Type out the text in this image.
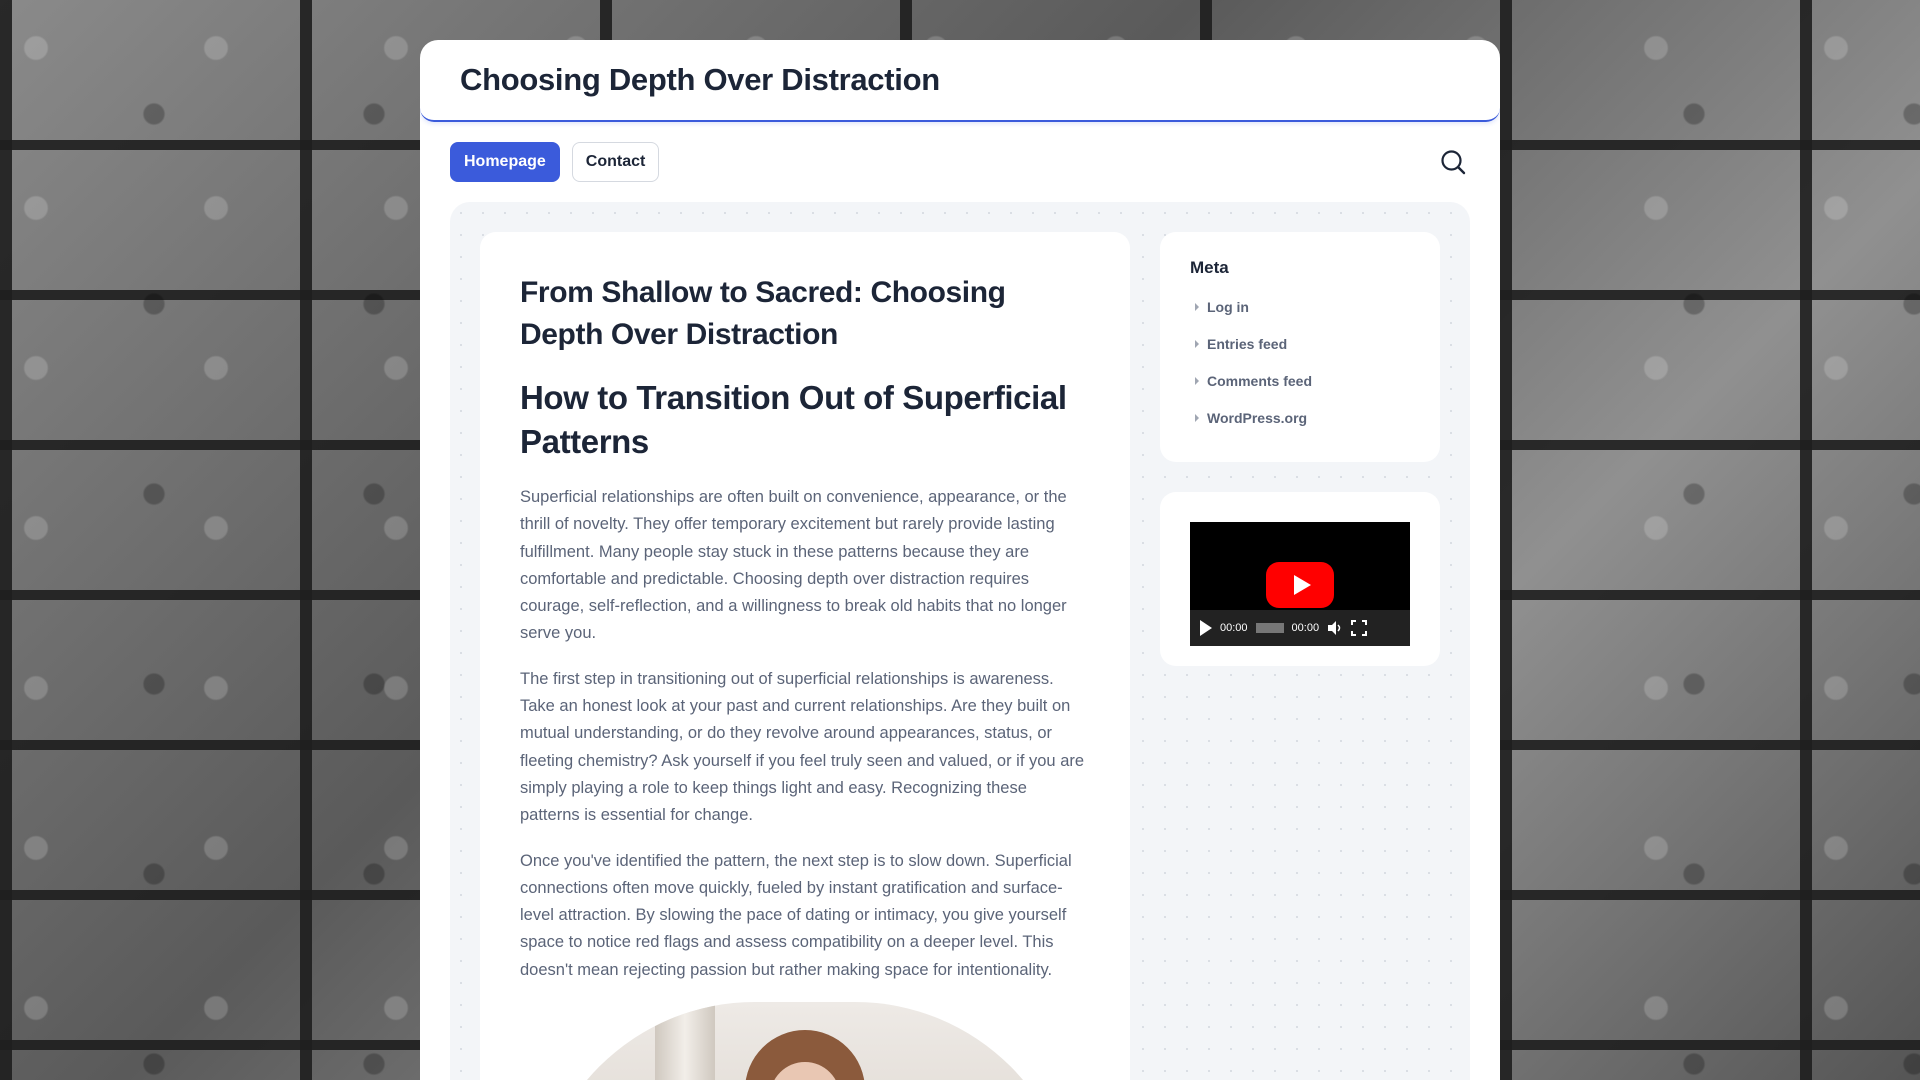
Choosing Depth Over Distraction
Homepage	Contact
From Shallow to Sacred: Choosing Depth Over Distraction
How to Transition Out of Superficial Patterns

Superficial relationships are often built on convenience, appearance, or the thrill of novelty. They offer temporary excitement but rarely provide lasting fulfillment. Many people stay stuck in these patterns because they are comfortable and predictable. Choosing depth over distraction requires courage, self-reflection, and a willingness to break old habits that no longer serve you.

The first step in transitioning out of superficial relationships is awareness. Take an honest look at your past and current relationships. Are they built on mutual understanding, or do they revolve around appearances, status, or fleeting chemistry? Ask yourself if you feel truly seen and valued, or if you are simply playing a role to keep things light and easy. Recognizing these patterns is essential for change.

Once you've identified the pattern, the next step is to slow down. Superficial connections often move quickly, fueled by instant gratification and surface-level attraction. By slowing the pace of dating or intimacy, you give yourself space to notice red flags and assess compatibility on a deeper level. This doesn't mean rejecting passion but rather making space for intentionality.

Meta
Log in
Entries feed
Comments feed
WordPress.org
00:00	00:00
